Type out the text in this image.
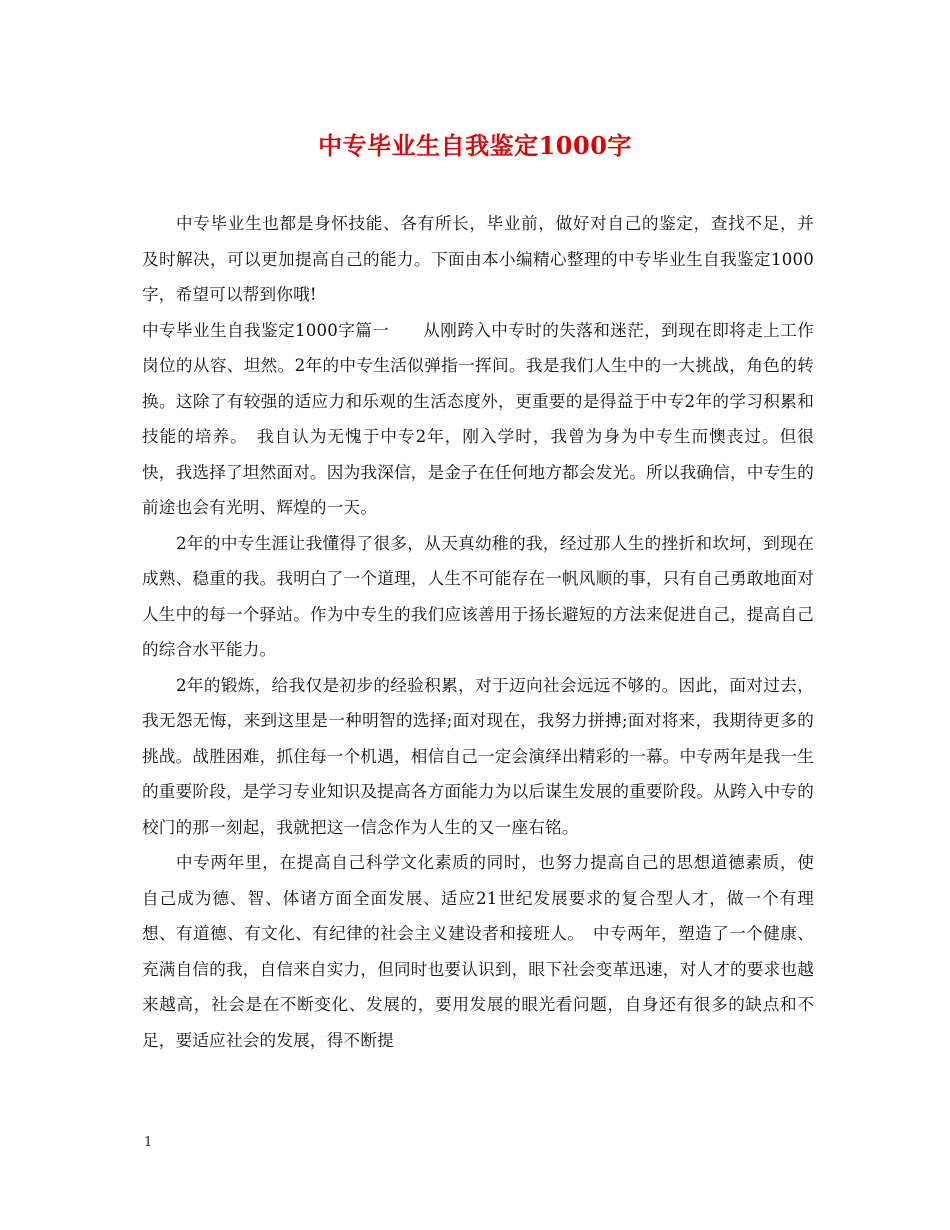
中专毕业生自我鉴定1000字

中专毕业生也都是身怀技能、各有所长，毕业前，做好对自己的鉴定，查找不足，并及时解决，可以更加提高自己的能力。下面由本小编精心整理的中专毕业生自我鉴定1000字，希望可以帮到你哦!

中专毕业生自我鉴定1000字篇一　　从刚跨入中专时的失落和迷茫，到现在即将走上工作岗位的从容、坦然。2年的中专生活似弹指一挥间。我是我们人生中的一大挑战，角色的转换。这除了有较强的适应力和乐观的生活态度外，更重要的是得益于中专2年的学习积累和技能的培养。　我自认为无愧于中专2年，刚入学时，我曾为身为中专生而懊丧过。但很快，我选择了坦然面对。因为我深信，是金子在任何地方都会发光。所以我确信，中专生的前途也会有光明、辉煌的一天。

2年的中专生涯让我懂得了很多，从天真幼稚的我，经过那人生的挫折和坎坷，到现在成熟、稳重的我。我明白了一个道理，人生不可能存在一帆风顺的事，只有自己勇敢地面对人生中的每一个驿站。作为中专生的我们应该善用于扬长避短的方法来促进自己，提高自己的综合水平能力。

2年的锻炼，给我仅是初步的经验积累，对于迈向社会远远不够的。因此，面对过去，我无怨无悔，来到这里是一种明智的选择;面对现在，我努力拼搏;面对将来，我期待更多的挑战。战胜困难，抓住每一个机遇，相信自己一定会演绎出精彩的一幕。中专两年是我一生的重要阶段，是学习专业知识及提高各方面能力为以后谋生发展的重要阶段。从跨入中专的校门的那一刻起，我就把这一信念作为人生的又一座右铭。

中专两年里，在提高自己科学文化素质的同时，也努力提高自己的思想道德素质，使自己成为德、智、体诸方面全面发展、适应21世纪发展要求的复合型人才，做一个有理想、有道德、有文化、有纪律的社会主义建设者和接班人。　中专两年，塑造了一个健康、充满自信的我，自信来自实力，但同时也要认识到，眼下社会变革迅速，对人才的要求也越来越高，社会是在不断变化、发展的，要用发展的眼光看问题，自身还有很多的缺点和不足，要适应社会的发展，得不断提

1
